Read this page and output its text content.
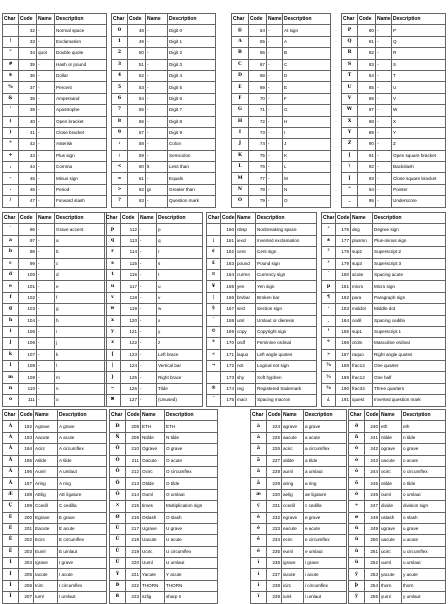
Char	Code	Name	Description
	32	-	Normal space
!	33	-	Exclamation
"	34	quot	Double quote
#	35	-	Hash or pound
$	36	-	Dollar
%	37	-	Percent
&	38	-	Ampersand
'	39	-	Apostrophe
(	40	-	Open bracket
)	41	-	Close bracket
*	42	-	Asterisk
+	43	-	Plus sign
,	44	-	Comma
-	45	-	Minus sign
.	46	-	Period
/	47	-	Forward slash
Char	Code	Name	Description
0	48	-	Digit 0
1	49	-	Digit 1
2	50	-	Digit 2
3	51	-	Digit 3
4	52	-	Digit 4
5	53	-	Digit 5
6	54	-	Digit 6
7	55	-	Digit 7
8	56	-	Digit 8
9	57	-	Digit 9
:	58	-	Colon
;	59	-	Semicolon
<	60	lt	Less than
=	61	-	Equals
>	62	gt	Greater than
?	63	-	Question mark
Char	Code	Name	Description
@	64	-	At sign
A	65	-	A
B	66	-	B
C	67	-	C
D	68	-	D
E	69	-	E
F	70	-	F
G	71	-	G
H	72	-	H
I	73	-	I
J	74	-	J
K	75	-	K
L	76	-	L
M	77	-	M
N	78	-	N
O	79	-	O
Char	Code	Name	Description
P	80	-	P
Q	81	-	Q
R	82	-	R
S	83	-	S
T	84	-	T
U	85	-	U
V	86	-	V
W	87	-	W
X	88	-	X
Y	89	-	Y
Z	90	-	Z
[	91	-	Open square bracket
\	92	-	Backslash
]	93	-	Close square bracket
^	94	-	Pointer
_	95	-	Underscore
Char	Code	Name	Description
`	96	-	Grave accent
a	97	-	a
b	98	-	b
c	99	-	c
d	100	-	d
e	101	-	e
f	102	-	f
g	103	-	g
h	104	-	h
i	105	-	i
j	106	-	j
k	107	-	k
l	108	-	l
m	109	-	m
n	110	-	n
o	111	-	o
Char	Code	Name	Description
p	112	-	p
q	113	-	q
r	114	-	r
s	115	-	s
t	116	-	t
u	117	-	u
v	118	-	v
w	119	-	w
x	120	-	x
y	121	-	y
z	122	-	z
{	123	-	Left brace
|	124	-	Vertical bar
}	125	-	Right brace
~	126	-	Tilde
✖	127	-	(Unused)
Char	Code	Name	Description
	160	nbsp	Nonbreaking space
¡	161	iexcl	Inverted exclamation
¢	162	cent	Cent sign
£	163	pound	Pound sign
¤	164	curren	Currency sign
¥	165	yen	Yen sign
¦	166	brvbar	Broken bar
§	167	sect	Section sign
¨	168	uml	Umlaut or dieresis
©	169	copy	Copyright sign
ª	170	ordf	Feminine ordinal
«	171	laquo	Left angle quotes
¬	172	not	Logical not sign
	173	shy	Soft hyphen
®	174	reg	Registered trademark
¯	175	macr	Spacing macron
Char	Code	Name	Description
°	176	deg	Degree sign
±	177	plusmn	Plus-minus sign
²	178	sup2	Superscript 2
³	179	sup3	Superscript 3
´	180	acute	Spacing acute
µ	181	micro	Micro sign
¶	182	para	Paragraph sign
·	183	middot	Middle dot
¸	184	cedil	Spacing cedilla
¹	185	sup1	Superscript 1
º	186	ordm	Masculine ordinal
»	187	raquo	Right angle quotes
¼	188	frac14	One quarter
½	189	frac12	One half
¾	190	frac34	Three quarters
¿	191	iquest	Inverted question mark
Char	Code	Name	Description
À	192	Agrave	A grave
Á	193	Aacute	A acute
Â	194	Acirc	A circumflex
Ã	195	Atilde	A tilde
Ä	196	Auml	A umlaut
Å	197	Aring	A ring
Æ	198	AElig	AE ligature
Ç	199	Ccedil	C cedilla
È	200	Egrave	E grave
É	201	Eacute	E acute
Ê	202	Ecirc	E circumflex
Ë	203	Euml	E umlaut
Ì	204	Igrave	I grave
Í	205	Iacute	I acute
Î	206	Icirc	I circumflex
Ï	207	Iuml	I umlaut
Char	Code	Name	Description
Ð	208	ETH	ETH
Ñ	209	Ntilde	N tilde
Ò	210	Ograve	O grave
Ó	211	Oacute	O acute
Ô	212	Ocirc	O circumflex
Õ	213	Otilde	O tilde
Ö	214	Ouml	O umlaut
×	215	times	Multiplication sign
Ø	216	Oslash	O slash
Ù	217	Ugrave	U grave
Ú	218	Uacute	U acute
Û	219	Ucirc	U circumflex
Ü	220	Uuml	U umlaut
Ý	221	Yacute	Y acute
Þ	222	THORN	THORN
ß	223	szlig	sharp s
Char	Code	Name	Description
à	224	agrave	a grave
á	225	aacute	a acute
â	226	acirc	a circumflex
ã	227	atilde	a tilde
ä	228	auml	a umlaut
å	229	aring	a ring
æ	230	aelig	ae ligature
ç	231	ccedil	c cedilla
è	232	egrave	e grave
é	233	eacute	e acute
ê	234	ecirc	e circumflex
ë	235	euml	e umlaut
ì	236	igrave	i grave
í	237	iacute	i acute
î	238	icirc	i circumflex
ï	239	iuml	i umlaut
Char	Code	Name	Description
ð	240	eth	eth
ñ	241	ntilde	n tilde
ò	242	ograve	o grave
ó	243	oacute	o acute
ô	244	ocirc	o circumflex
õ	245	otilde	o tilde
ö	246	ouml	o umlaut
÷	247	divide	division sign
ø	248	oslash	o slash
ù	249	ugrave	u grave
ú	250	uacute	u acute
û	251	ucirc	u circumflex
ü	252	uuml	u umlaut
ý	253	yacute	y acute
þ	254	thorn	thorn
ÿ	255	yuml	y umlaut
